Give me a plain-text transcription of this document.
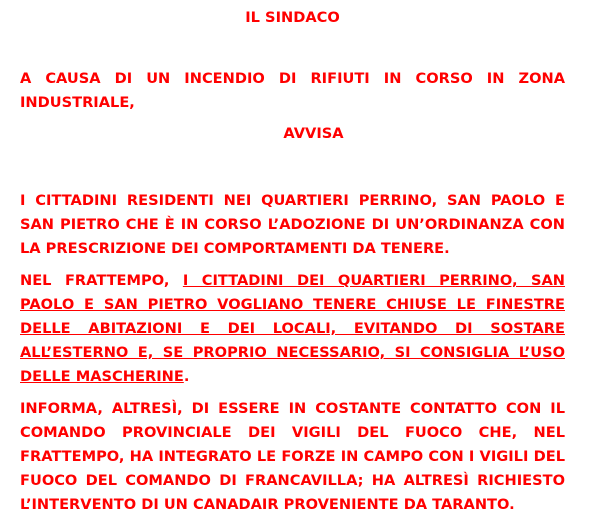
IL SINDACO

A CAUSA DI UN INCENDIO DI RIFIUTI IN CORSO IN ZONA INDUSTRIALE,

AVVISA

I CITTADINI RESIDENTI NEI QUARTIERI PERRINO, SAN PAOLO E SAN PIETRO CHE È IN CORSO L’ADOZIONE DI UN’ORDINANZA CON LA PRESCRIZIONE DEI COMPORTAMENTI DA TENERE.

NEL FRATTEMPO, I CITTADINI DEI QUARTIERI PERRINO, SAN PAOLO E SAN PIETRO VOGLIANO TENERE CHIUSE LE FINESTRE DELLE ABITAZIONI E DEI LOCALI, EVITANDO DI SOSTARE ALL’ESTERNO E, SE PROPRIO NECESSARIO, SI CONSIGLIA L’USO DELLE MASCHERINE.

INFORMA, ALTRESÌ, DI ESSERE IN COSTANTE CONTATTO CON IL COMANDO PROVINCIALE DEI VIGILI DEL FUOCO CHE, NEL FRATTEMPO, HA INTEGRATO LE FORZE IN CAMPO CON I VIGILI DEL FUOCO DEL COMANDO DI FRANCAVILLA; HA ALTRESÌ RICHIESTO L’INTERVENTO DI UN CANADAIR PROVENIENTE DA TARANTO.
